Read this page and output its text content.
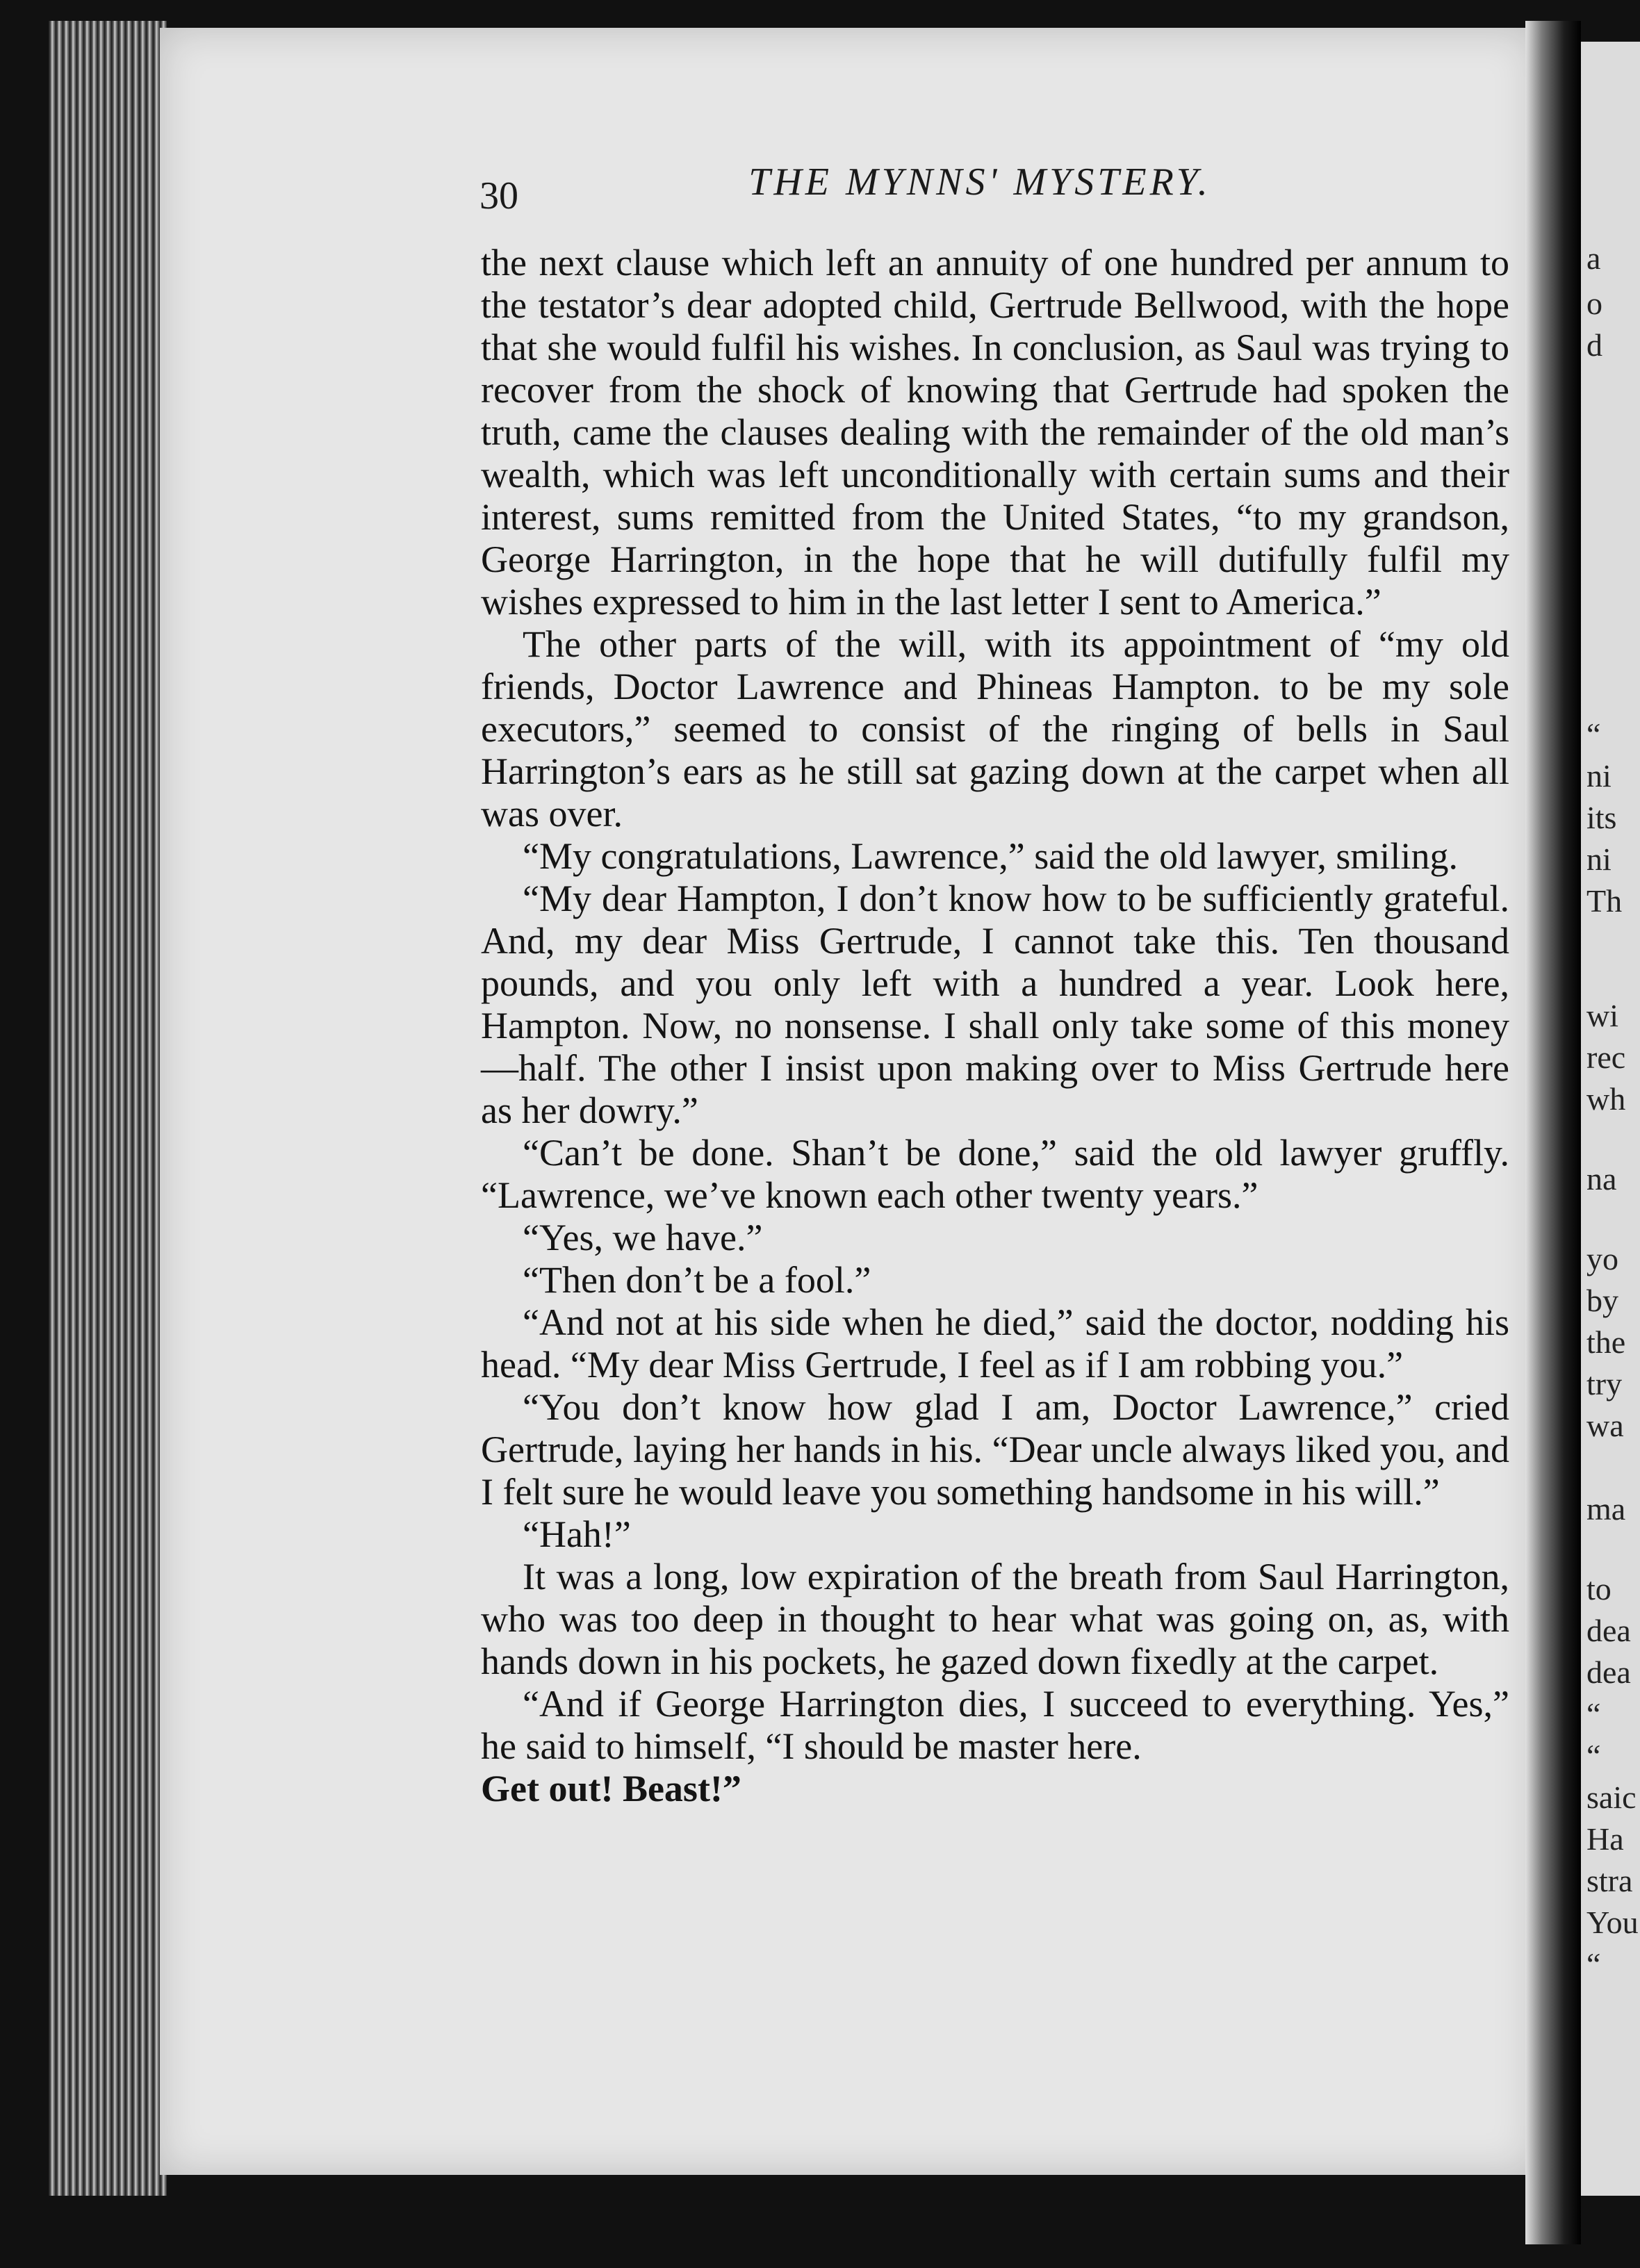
30	THE MYNNS' MYSTERY.

the next clause which left an annuity of one hundred per annum to the testator’s dear adopted child, Gertrude Bellwood, with the hope that she would fulfil his wishes. In conclusion, as Saul was trying to recover from the shock of knowing that Gertrude had spoken the truth, came the clauses dealing with the remainder of the old man’s wealth, which was left unconditionally with certain sums and their interest, sums remitted from the United States, “to my grandson, George Harrington, in the hope that he will dutifully fulfil my wishes expressed to him in the last letter I sent to America.”

The other parts of the will, with its appointment of “my old friends, Doctor Lawrence and Phineas Hampton. to be my sole executors,” seemed to consist of the ringing of bells in Saul Harrington’s ears as he still sat gazing down at the carpet when all was over.

“My congratulations, Lawrence,” said the old lawyer, smiling.

“My dear Hampton, I don’t know how to be sufficiently grateful. And, my dear Miss Gertrude, I cannot take this. Ten thousand pounds, and you only left with a hundred a year. Look here, Hampton. Now, no nonsense. I shall only take some of this money—half. The other I insist upon making over to Miss Gertrude here as her dowry.”

“Can’t be done. Shan’t be done,” said the old lawyer gruffly. “Lawrence, we’ve known each other twenty years.”

“Yes, we have.”

“Then don’t be a fool.”

“And not at his side when he died,” said the doctor, nodding his head. “My dear Miss Gertrude, I feel as if I am robbing you.”

“You don’t know how glad I am, Doctor Lawrence,” cried Gertrude, laying her hands in his. “Dear uncle always liked you, and I felt sure he would leave you something handsome in his will.”

“Hah!”

It was a long, low expiration of the breath from Saul Harrington, who was too deep in thought to hear what was going on, as, with hands down in his pockets, he gazed down fixedly at the carpet.

“And if George Harrington dies, I succeed to everything. Yes,” he said to himself, “I should be master here.

Get out! Beast!”

a
o
d
“
ni
its
ni
Th
wi
rec
wh
na
yo
by
the
try
wa
ma
to
dea
dea
“
“
saic
Ha
stra
You
“
